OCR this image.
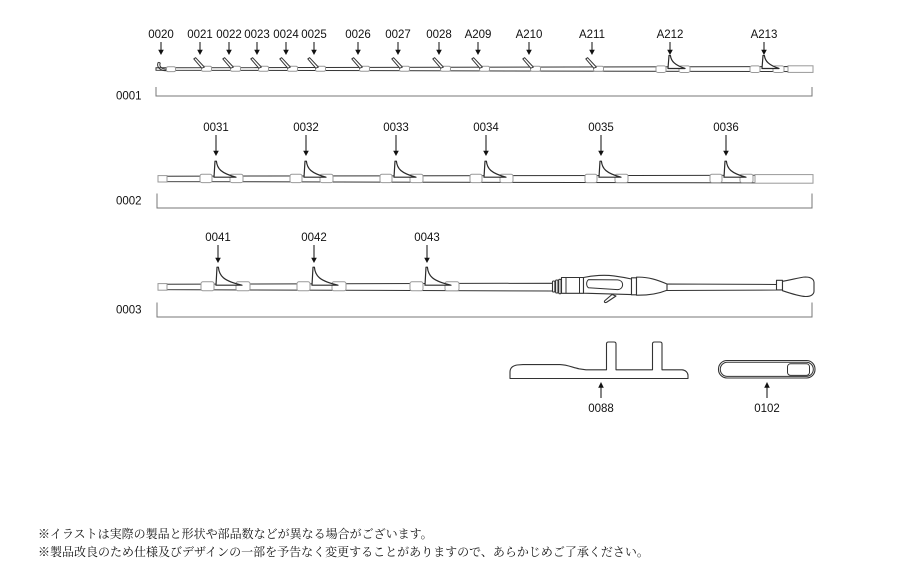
0020 0021 0022 0023 0024 0025 0026 0027 0028 A209 A210	A211	A212	A213
0001
0031	0032	0033	0034	0035	0036
0002
0041	0042	0043
0003
0088	0102
※イラストは実際の製品と形状や部品数などが異なる場合がございます。
※製品改良のため仕様及びデザインの一部を予告なく変更することがありますので、あらかじめご了承ください。
